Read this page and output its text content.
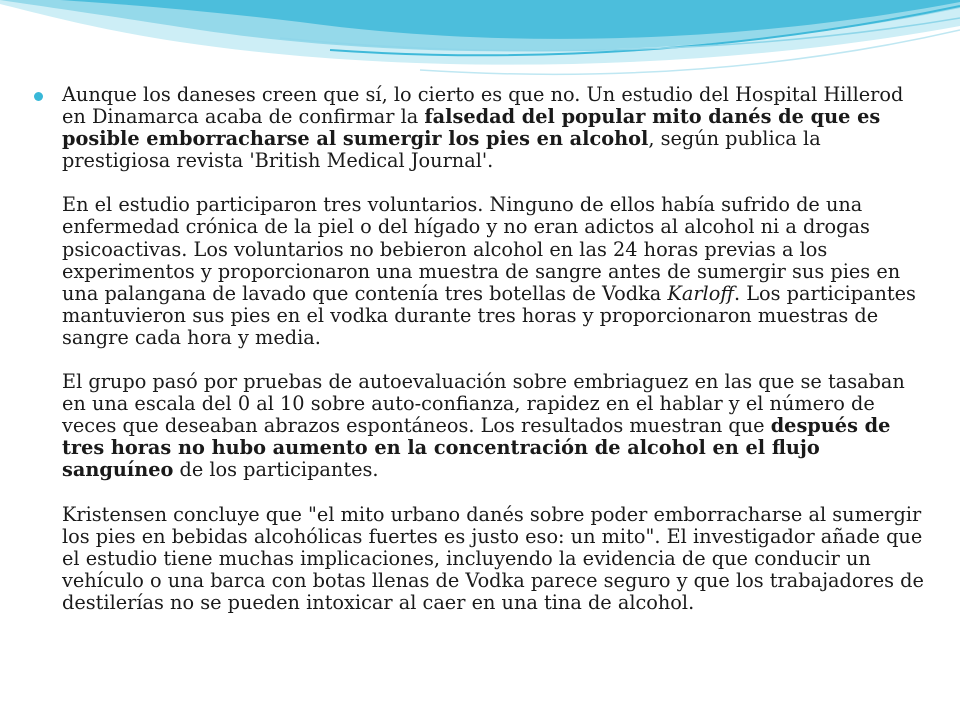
Aunque los daneses creen que sí, lo cierto es que no. Un estudio del Hospital Hillerod en Dinamarca acaba de confirmar la falsedad del popular mito danés de que es posible emborracharse al sumergir los pies en alcohol, según publica la prestigiosa revista 'British Medical Journal'.

En el estudio participaron tres voluntarios. Ninguno de ellos había sufrido de una enfermedad crónica de la piel o del hígado y no eran adictos al alcohol ni a drogas psicoactivas. Los voluntarios no bebieron alcohol en las 24 horas previas a los experimentos y proporcionaron una muestra de sangre antes de sumergir sus pies en una palangana de lavado que contenía tres botellas de Vodka Karloff. Los participantes mantuvieron sus pies en el vodka durante tres horas y proporcionaron muestras de sangre cada hora y media.

El grupo pasó por pruebas de autoevaluación sobre embriaguez en las que se tasaban en una escala del 0 al 10 sobre auto-confianza, rapidez en el hablar y el número de veces que deseaban abrazos espontáneos. Los resultados muestran que después de tres horas no hubo aumento en la concentración de alcohol en el flujo sanguíneo de los participantes.

Kristensen concluye que "el mito urbano danés sobre poder emborracharse al sumergir los pies en bebidas alcohólicas fuertes es justo eso: un mito". El investigador añade que el estudio tiene muchas implicaciones, incluyendo la evidencia de que conducir un vehículo o una barca con botas llenas de Vodka parece seguro y que los trabajadores de destilerías no se pueden intoxicar al caer en una tina de alcohol.
